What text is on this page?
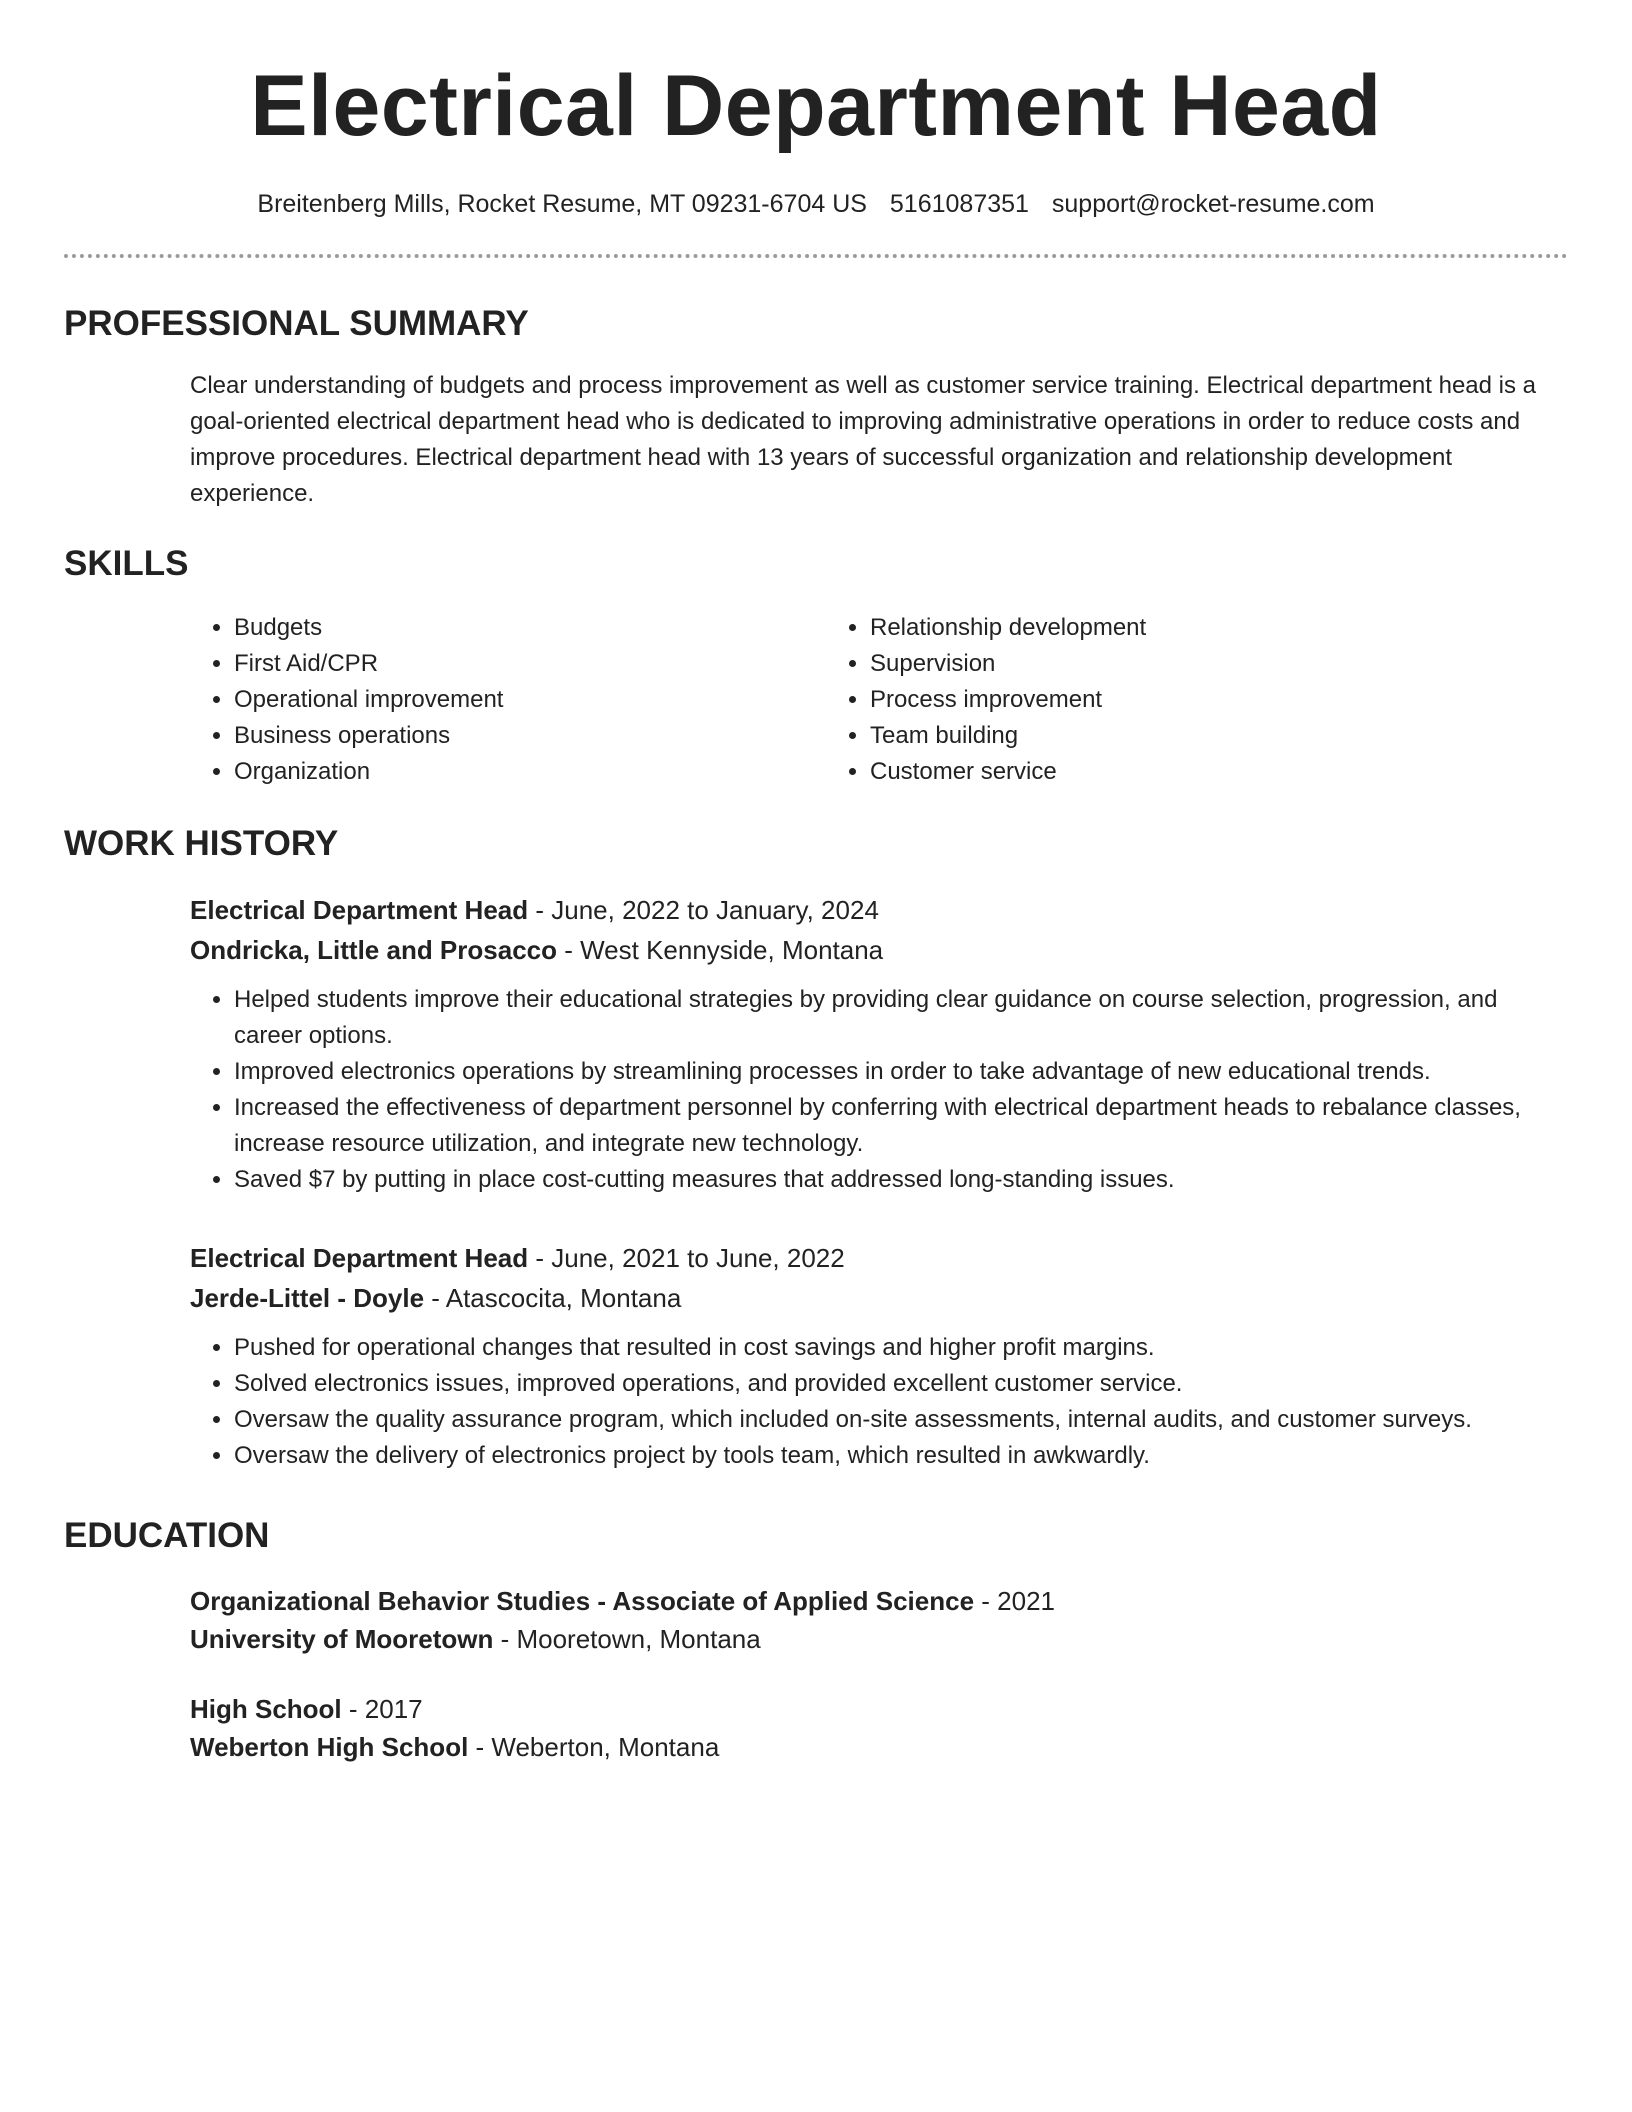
Electrical Department Head
Breitenberg Mills, Rocket Resume, MT 09231-6704 US 5161087351 support@rocket-resume.com
PROFESSIONAL SUMMARY
Clear understanding of budgets and process improvement as well as customer service training. Electrical department head is a goal-oriented electrical department head who is dedicated to improving administrative operations in order to reduce costs and improve procedures. Electrical department head with 13 years of successful organization and relationship development experience.
SKILLS
• Budgets
• First Aid/CPR
• Operational improvement
• Business operations
• Organization
• Relationship development
• Supervision
• Process improvement
• Team building
• Customer service
WORK HISTORY
Electrical Department Head - June, 2022 to January, 2024
Ondricka, Little and Prosacco - West Kennyside, Montana
• Helped students improve their educational strategies by providing clear guidance on course selection, progression, and career options.
• Improved electronics operations by streamlining processes in order to take advantage of new educational trends.
• Increased the effectiveness of department personnel by conferring with electrical department heads to rebalance classes, increase resource utilization, and integrate new technology.
• Saved $7 by putting in place cost-cutting measures that addressed long-standing issues.
Electrical Department Head - June, 2021 to June, 2022
Jerde-Littel - Doyle - Atascocita, Montana
• Pushed for operational changes that resulted in cost savings and higher profit margins.
• Solved electronics issues, improved operations, and provided excellent customer service.
• Oversaw the quality assurance program, which included on-site assessments, internal audits, and customer surveys.
• Oversaw the delivery of electronics project by tools team, which resulted in awkwardly.
EDUCATION
Organizational Behavior Studies - Associate of Applied Science - 2021
University of Mooretown - Mooretown, Montana
High School - 2017
Weberton High School - Weberton, Montana
